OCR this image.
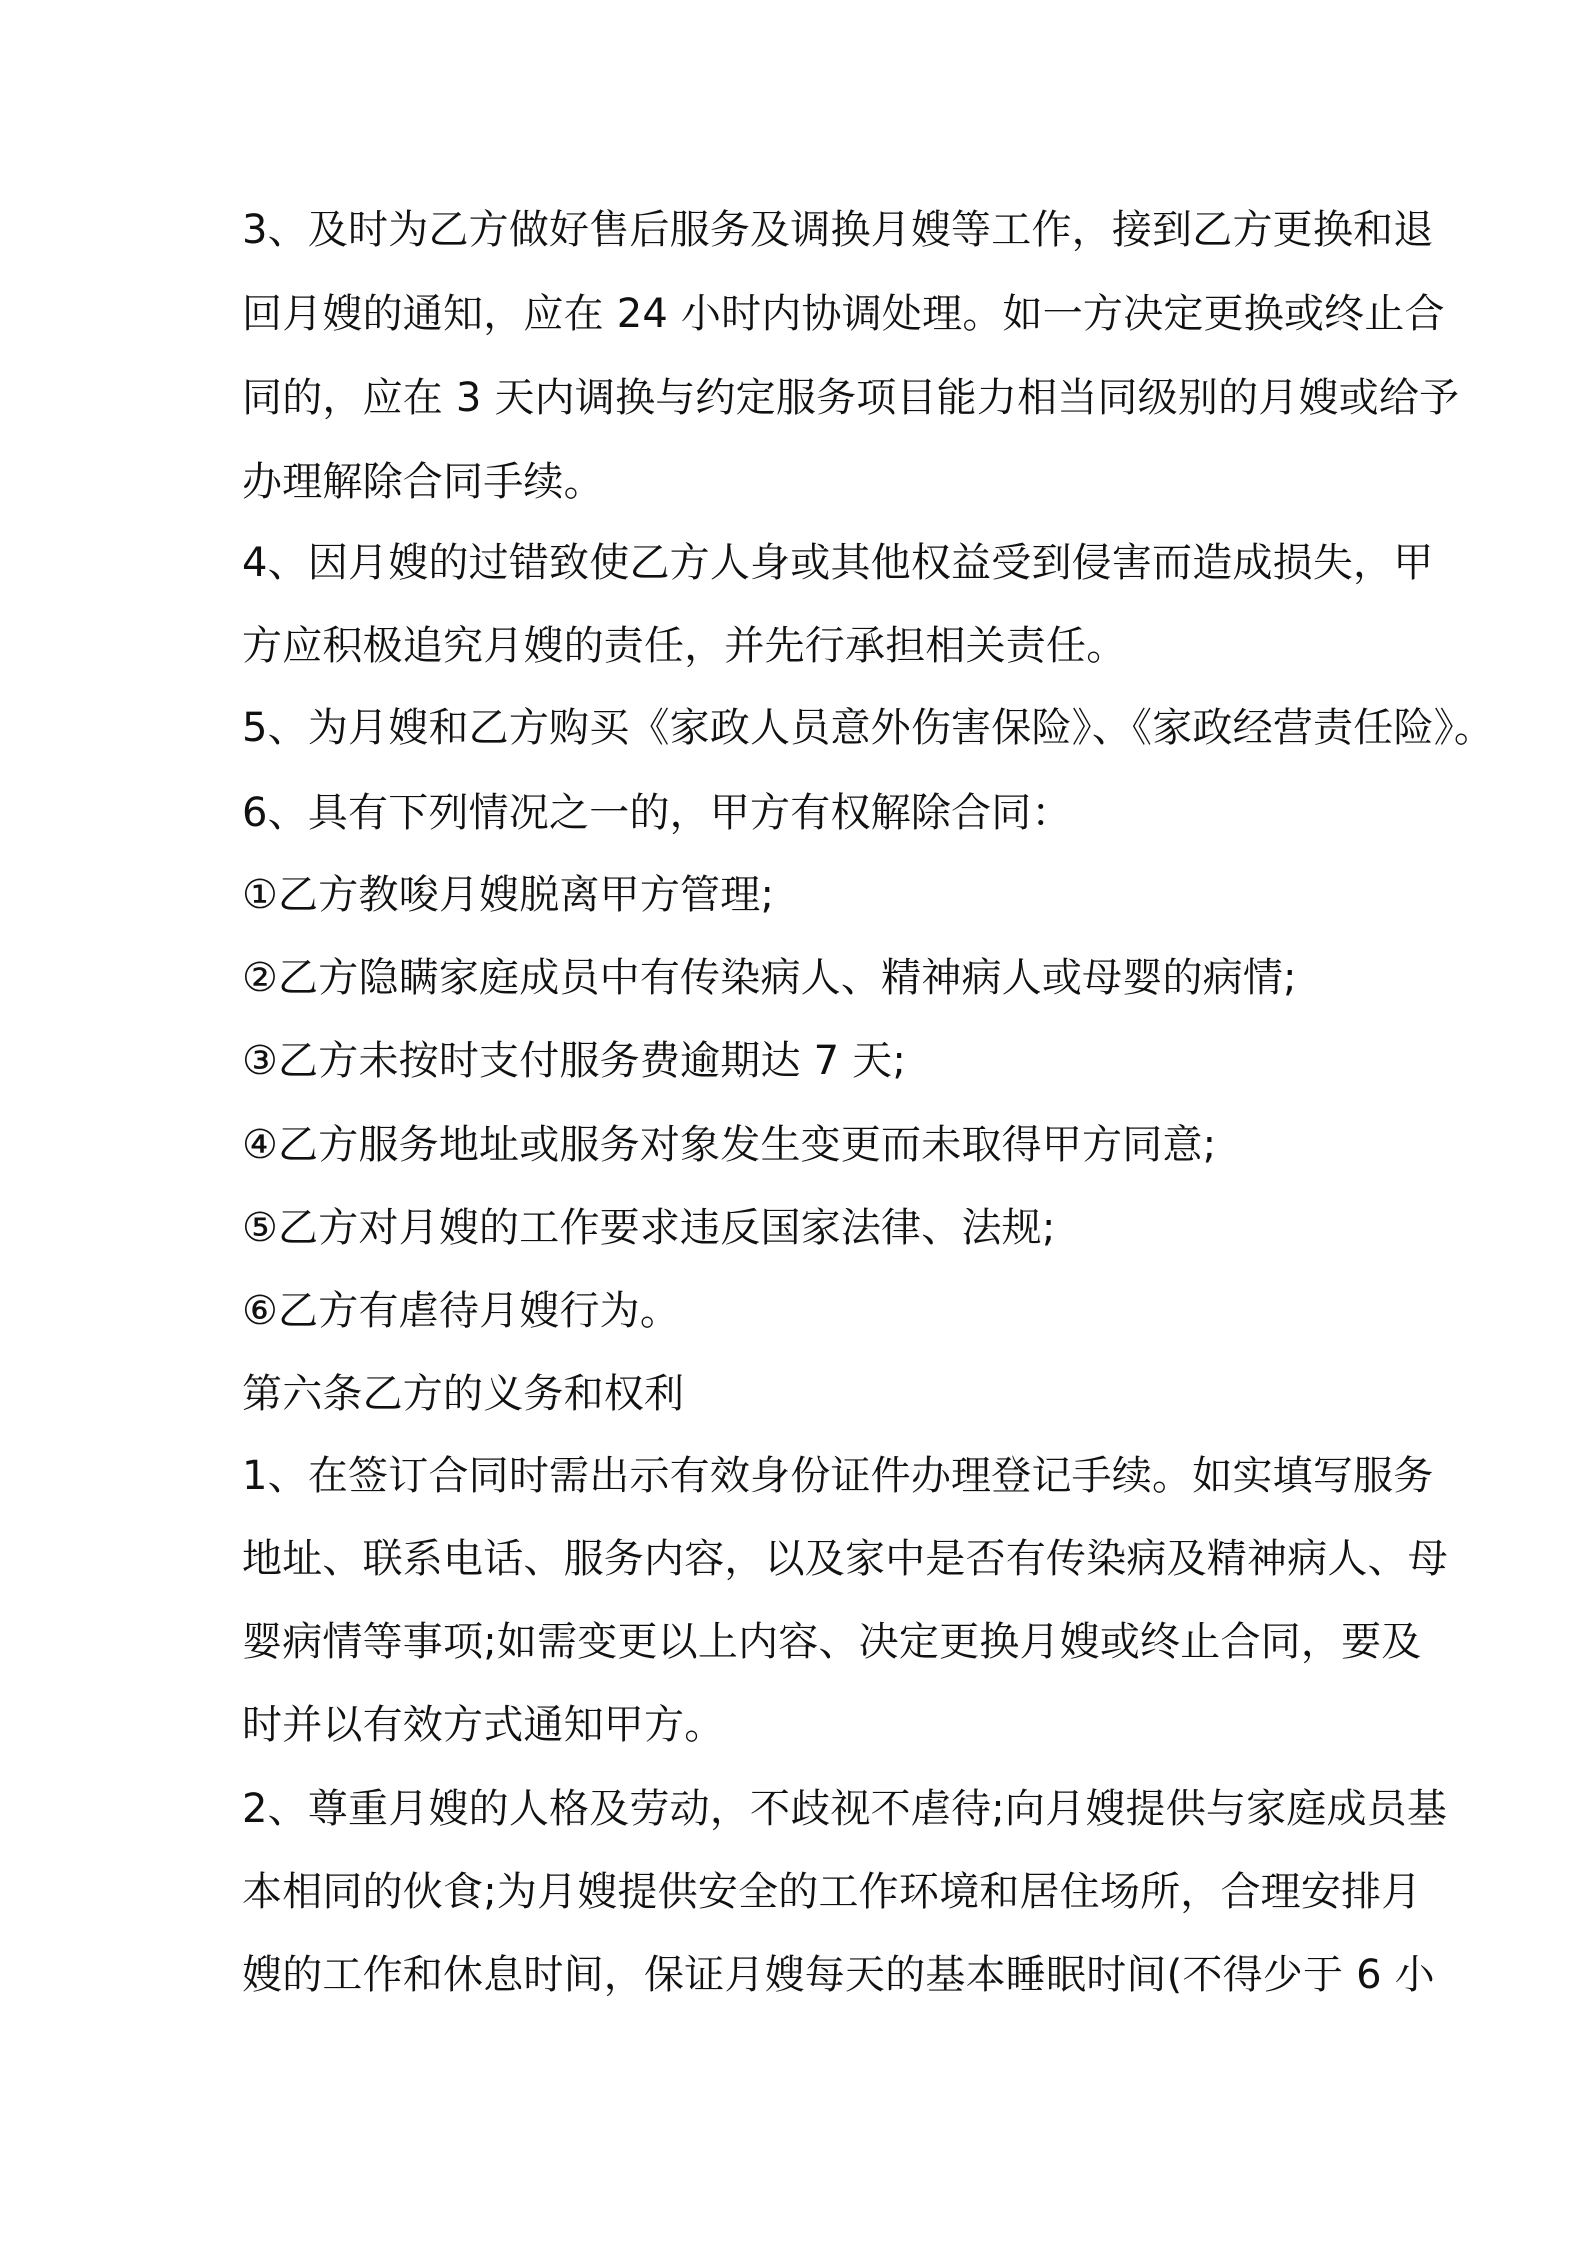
3、及时为乙方做好售后服务及调换月嫂等工作，接到乙方更换和退
回月嫂的通知，应在 24 小时内协调处理。如一方决定更换或终止合
同的，应在 3 天内调换与约定服务项目能力相当同级别的月嫂或给予
办理解除合同手续。
4、因月嫂的过错致使乙方人身或其他权益受到侵害而造成损失，甲
方应积极追究月嫂的责任，并先行承担相关责任。
5、为月嫂和乙方购买《家政人员意外伤害保险》、《家政经营责任险》。
6、具有下列情况之一的，甲方有权解除合同：
①乙方教唆月嫂脱离甲方管理;
②乙方隐瞒家庭成员中有传染病人、精神病人或母婴的病情;
③乙方未按时支付服务费逾期达 7 天;
④乙方服务地址或服务对象发生变更而未取得甲方同意;
⑤乙方对月嫂的工作要求违反国家法律、法规;
⑥乙方有虐待月嫂行为。
第六条乙方的义务和权利
1、在签订合同时需出示有效身份证件办理登记手续。如实填写服务
地址、联系电话、服务内容，以及家中是否有传染病及精神病人、母
婴病情等事项;如需变更以上内容、决定更换月嫂或终止合同，要及
时并以有效方式通知甲方。
2、尊重月嫂的人格及劳动，不歧视不虐待;向月嫂提供与家庭成员基
本相同的伙食;为月嫂提供安全的工作环境和居住场所，合理安排月
嫂的工作和休息时间，保证月嫂每天的基本睡眠时间(不得少于 6 小
